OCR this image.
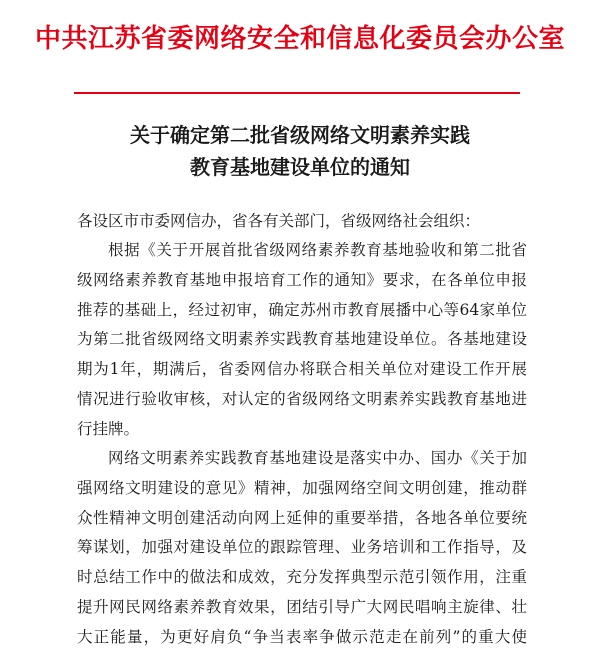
中共江苏省委网络安全和信息化委员会办公室
关于确定第二批省级网络文明素养实践
教育基地建设单位的通知
各设区市市委网信办，省各有关部门，省级网络社会组织：
根据《关于开展首批省级网络素养教育基地验收和第二批省
级网络素养教育基地申报培育工作的通知》要求，在各单位申报
推荐的基础上，经过初审，确定苏州市教育展播中心等64家单位
为第二批省级网络文明素养实践教育基地建设单位。各基地建设
期为1年，期满后，省委网信办将联合相关单位对建设工作开展
情况进行验收审核，对认定的省级网络文明素养实践教育基地进
行挂牌。
网络文明素养实践教育基地建设是落实中办、国办《关于加
强网络文明建设的意见》精神，加强网络空间文明创建，推动群
众性精神文明创建活动向网上延伸的重要举措，各地各单位要统
筹谋划，加强对建设单位的跟踪管理、业务培训和工作指导，及
时总结工作中的做法和成效，充分发挥典型示范引领作用，注重
提升网民网络素养教育效果，团结引导广大网民唱响主旋律、壮
大正能量，为更好肩负“争当表率争做示范走在前列”的重大使
